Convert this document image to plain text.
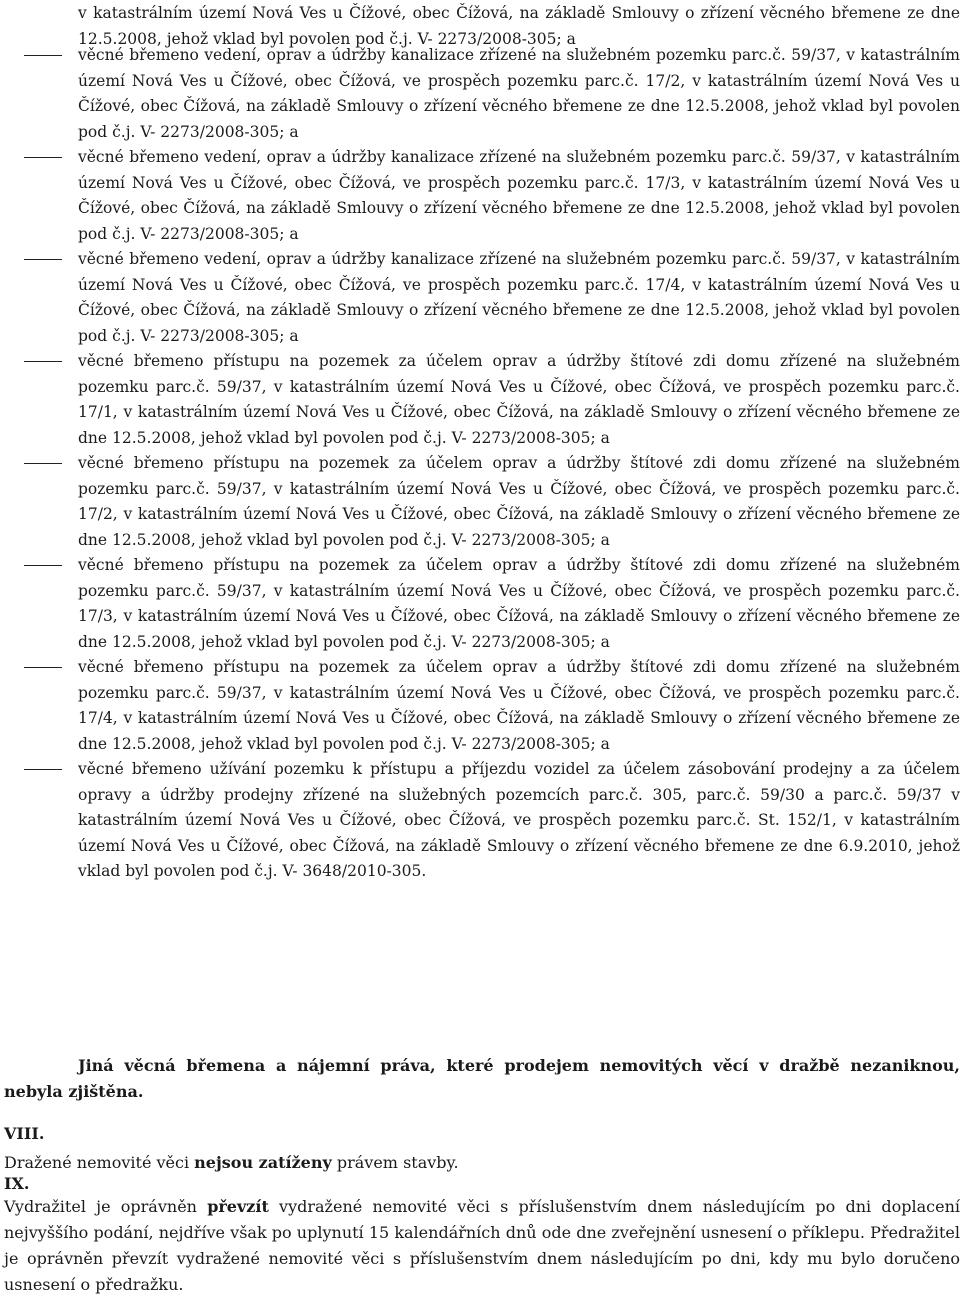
v katastrálním území Nová Ves u Čížové, obec Čížová, na základě Smlouvy o zřízení věcného břemene ze dne 12.5.2008, jehož vklad byl povolen pod č.j. V- 2273/2008-305; a

věcné břemeno vedení, oprav a údržby kanalizace zřízené na služebném pozemku parc.č. 59/37, v katastrálním území Nová Ves u Čížové, obec Čížová, ve prospěch pozemku parc.č. 17/2, v katastrálním území Nová Ves u Čížové, obec Čížová, na základě Smlouvy o zřízení věcného břemene ze dne 12.5.2008, jehož vklad byl povolen pod č.j. V- 2273/2008-305; a

věcné břemeno vedení, oprav a údržby kanalizace zřízené na služebném pozemku parc.č. 59/37, v katastrálním území Nová Ves u Čížové, obec Čížová, ve prospěch pozemku parc.č. 17/3, v katastrálním území Nová Ves u Čížové, obec Čížová, na základě Smlouvy o zřízení věcného břemene ze dne 12.5.2008, jehož vklad byl povolen pod č.j. V- 2273/2008-305; a

věcné břemeno vedení, oprav a údržby kanalizace zřízené na služebném pozemku parc.č. 59/37, v katastrálním území Nová Ves u Čížové, obec Čížová, ve prospěch pozemku parc.č. 17/4, v katastrálním území Nová Ves u Čížové, obec Čížová, na základě Smlouvy o zřízení věcného břemene ze dne 12.5.2008, jehož vklad byl povolen pod č.j. V- 2273/2008-305; a

věcné břemeno přístupu na pozemek za účelem oprav a údržby štítové zdi domu zřízené na služebném pozemku parc.č. 59/37, v katastrálním území Nová Ves u Čížové, obec Čížová, ve prospěch pozemku parc.č. 17/1, v katastrálním území Nová Ves u Čížové, obec Čížová, na základě Smlouvy o zřízení věcného břemene ze dne 12.5.2008, jehož vklad byl povolen pod č.j. V- 2273/2008-305; a

věcné břemeno přístupu na pozemek za účelem oprav a údržby štítové zdi domu zřízené na služebném pozemku parc.č. 59/37, v katastrálním území Nová Ves u Čížové, obec Čížová, ve prospěch pozemku parc.č. 17/2, v katastrálním území Nová Ves u Čížové, obec Čížová, na základě Smlouvy o zřízení věcného břemene ze dne 12.5.2008, jehož vklad byl povolen pod č.j. V- 2273/2008-305; a

věcné břemeno přístupu na pozemek za účelem oprav a údržby štítové zdi domu zřízené na služebném pozemku parc.č. 59/37, v katastrálním území Nová Ves u Čížové, obec Čížová, ve prospěch pozemku parc.č. 17/3, v katastrálním území Nová Ves u Čížové, obec Čížová, na základě Smlouvy o zřízení věcného břemene ze dne 12.5.2008, jehož vklad byl povolen pod č.j. V- 2273/2008-305; a

věcné břemeno přístupu na pozemek za účelem oprav a údržby štítové zdi domu zřízené na služebném pozemku parc.č. 59/37, v katastrálním území Nová Ves u Čížové, obec Čížová, ve prospěch pozemku parc.č. 17/4, v katastrálním území Nová Ves u Čížové, obec Čížová, na základě Smlouvy o zřízení věcného břemene ze dne 12.5.2008, jehož vklad byl povolen pod č.j. V- 2273/2008-305; a

věcné břemeno užívání pozemku k přístupu a příjezdu vozidel za účelem zásobování prodejny a za účelem opravy a údržby prodejny zřízené na služebných pozemcích parc.č. 305, parc.č. 59/30 a parc.č. 59/37 v katastrálním území Nová Ves u Čížové, obec Čížová, ve prospěch pozemku parc.č. St. 152/1, v katastrálním území Nová Ves u Čížové, obec Čížová, na základě Smlouvy o zřízení věcného břemene ze dne 6.9.2010, jehož vklad byl povolen pod č.j. V- 3648/2010-305.

Jiná věcná břemena a nájemní práva, které prodejem nemovitých věcí v dražbě nezaniknou, nebyla zjištěna.
VIII.
Dražené nemovité věci nejsou zatíženy právem stavby.
IX.
Vydražitel je oprávněn převzít vydražené nemovité věci s příslušenstvím dnem následujícím po dni doplacení nejvyššího podání, nejdříve však po uplynutí 15 kalendářních dnů ode dne zveřejnění usnesení o příklepu. Předražitel je oprávněn převzít vydražené nemovité věci s příslušenstvím dnem následujícím po dni, kdy mu bylo doručeno usnesení o předražku.
